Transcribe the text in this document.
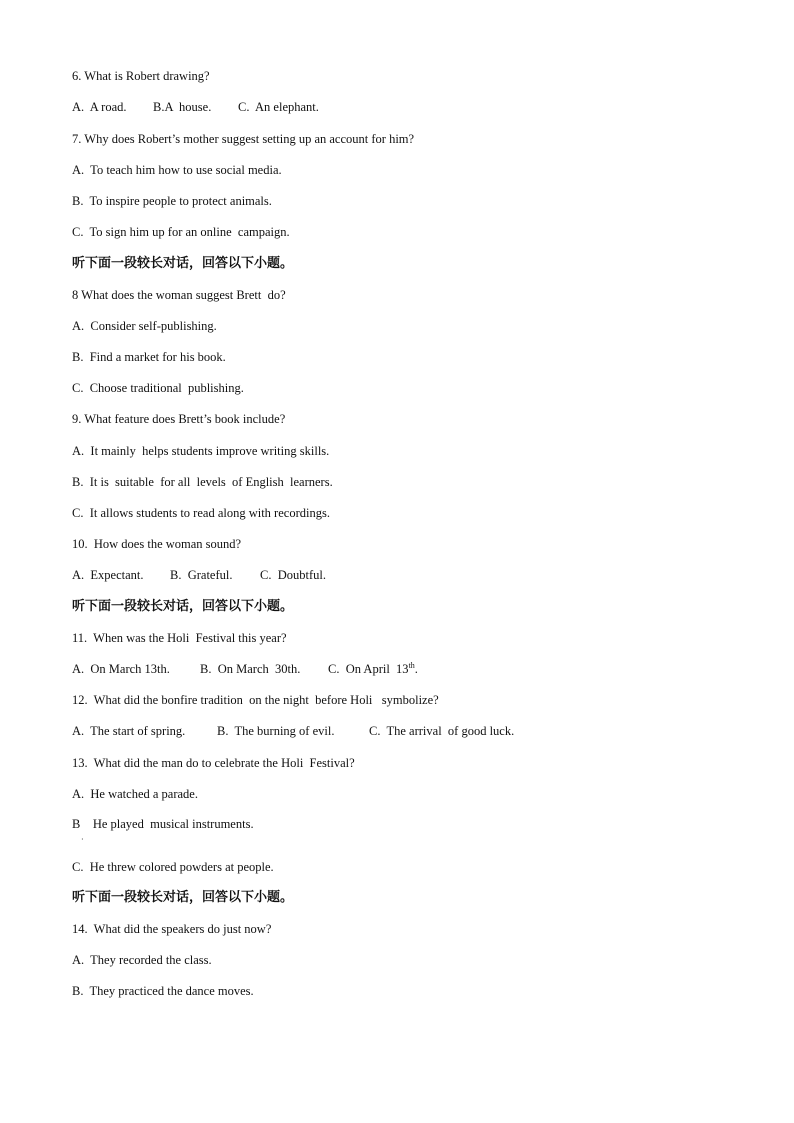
6. What is Robert drawing?
A.  A road. B.A  house. C.  An elephant.
7. Why does Robert’s mother suggest setting up an account for him?
A.  To teach him how to use social media.
B.  To inspire people to protect animals.
C.  To sign him up for an online  campaign.
听下面一段较长对话，回答以下小题。
8 What does the woman suggest Brett  do?
A.  Consider self-publishing.
B.  Find a market for his book.
C.  Choose traditional  publishing.
9. What feature does Brett’s book include?
A.  It mainly  helps students improve writing skills.
B.  It is  suitable  for all  levels  of English  learners.
C.  It allows students to read along with recordings.
10.  How does the woman sound?
A.  Expectant. B.  Grateful. C.  Doubtful.
听下面一段较长对话，回答以下小题。
11.  When was the Holi  Festival this year?
A.  On March 13th. B.  On March  30th. C.  On April  13th.
12.  What did the bonfire tradition  on the night  before Holi   symbolize?
A.  The start of spring.	B.  The burning of evil.	C.  The arrival  of good luck.
13.  What did the man do to celebrate the Holi  Festival?
A.  He watched a parade.
B    He played  musical instruments.
·
C.  He threw colored powders at people.
听下面一段较长对话，回答以下小题。
14.  What did the speakers do just now?
A.  They recorded the class.
B.  They practiced the dance moves.
